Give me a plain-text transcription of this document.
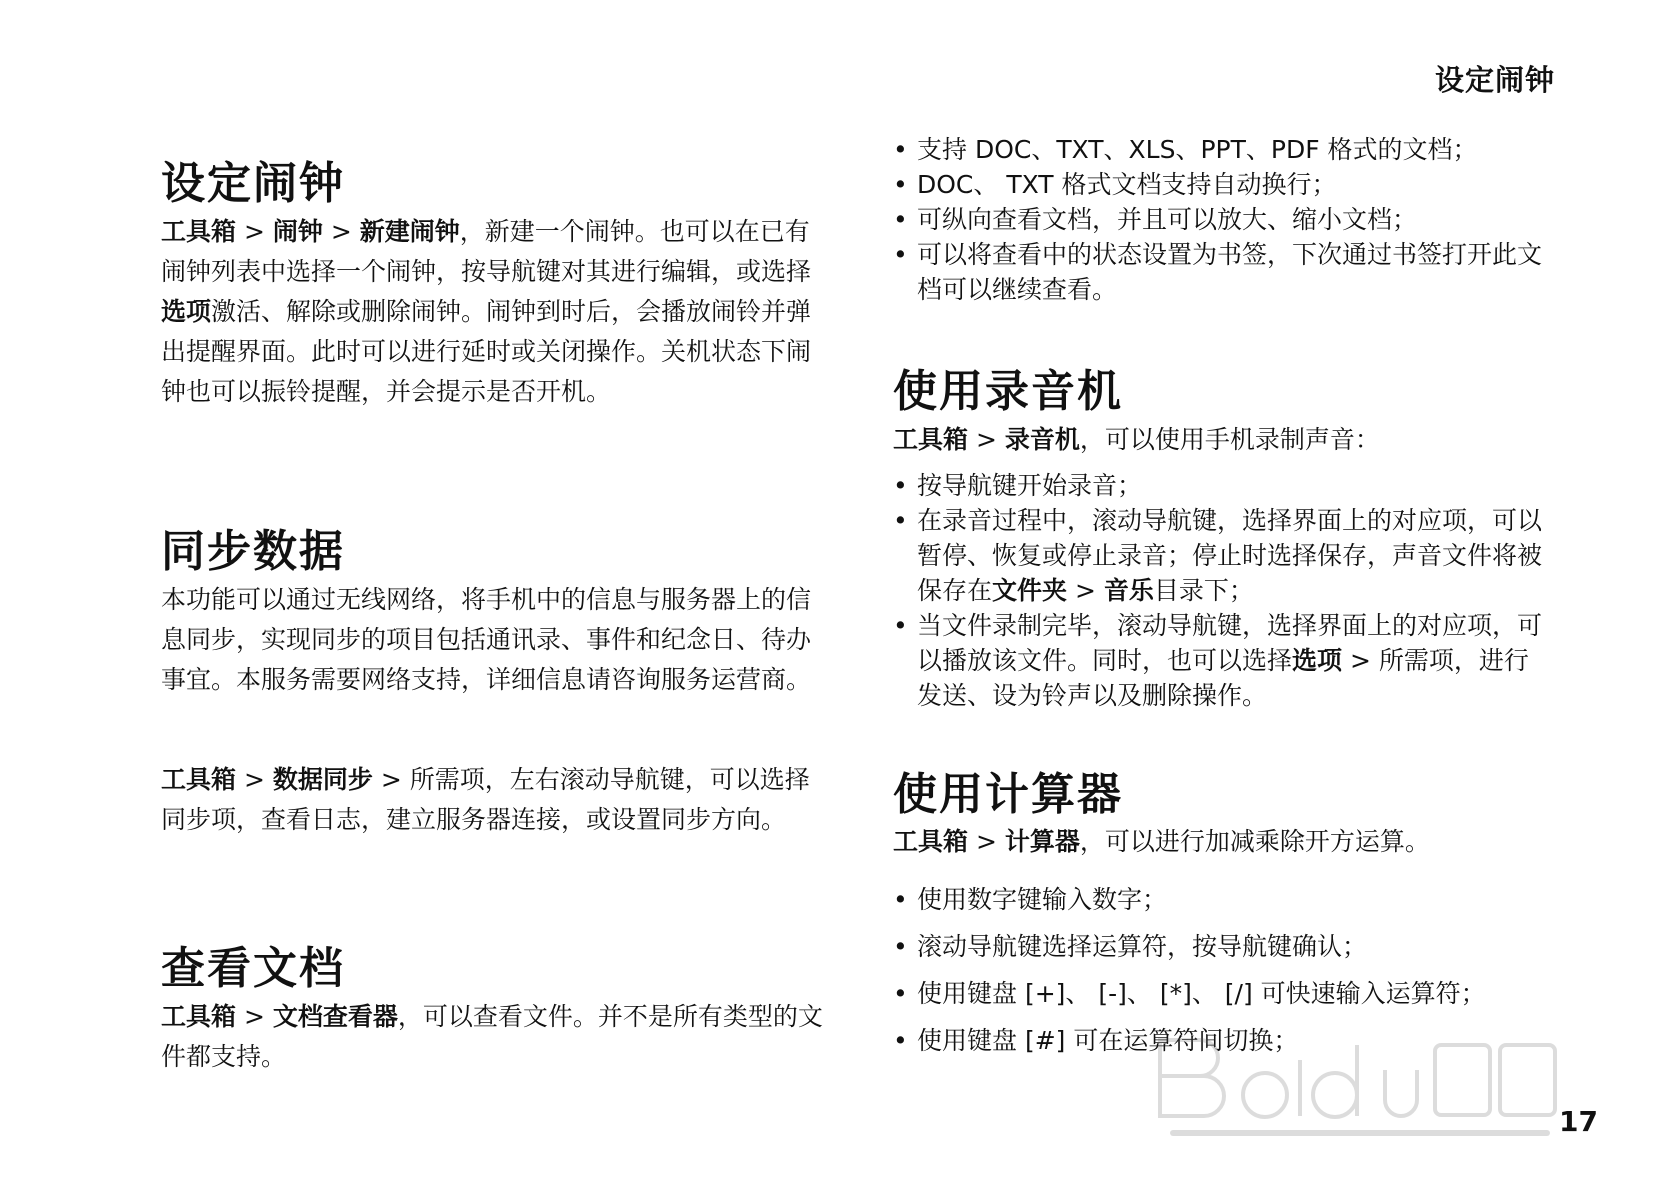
设定闹钟
设定闹钟
工具箱 > 闹钟 > 新建闹钟，新建一个闹钟。也可以在已有闹钟列表中选择一个闹钟，按导航键对其进行编辑，或选择选项激活、解除或删除闹钟。闹钟到时后，会播放闹铃并弹出提醒界面。此时可以进行延时或关闭操作。关机状态下闹钟也可以振铃提醒，并会提示是否开机。
同步数据
本功能可以通过无线网络，将手机中的信息与服务器上的信息同步，实现同步的项目包括通讯录、事件和纪念日、待办事宜。本服务需要网络支持，详细信息请咨询服务运营商。
工具箱 > 数据同步 > 所需项，左右滚动导航键，可以选择同步项，查看日志，建立服务器连接，或设置同步方向。
查看文档
工具箱 > 文档查看器，可以查看文件。并不是所有类型的文件都支持。
• 支持 DOC、TXT、XLS、PPT、PDF 格式的文档；
• DOC、 TXT 格式文档支持自动换行；
• 可纵向查看文档，并且可以放大、缩小文档；
• 可以将查看中的状态设置为书签，下次通过书签打开此文档可以继续查看。
使用录音机
工具箱 > 录音机，可以使用手机录制声音：
• 按导航键开始录音；
• 在录音过程中，滚动导航键，选择界面上的对应项，可以暂停、恢复或停止录音；停止时选择保存，声音文件将被保存在文件夹 > 音乐目录下；
• 当文件录制完毕，滚动导航键，选择界面上的对应项，可以播放该文件。同时，也可以选择选项 > 所需项，进行发送、设为铃声以及删除操作。
使用计算器
工具箱 > 计算器，可以进行加减乘除开方运算。
• 使用数字键输入数字；
• 滚动导航键选择运算符，按导航键确认；
• 使用键盘 [+]、 [-]、 [*]、 [/] 可快速输入运算符；
• 使用键盘 [#] 可在运算符间切换；
17
